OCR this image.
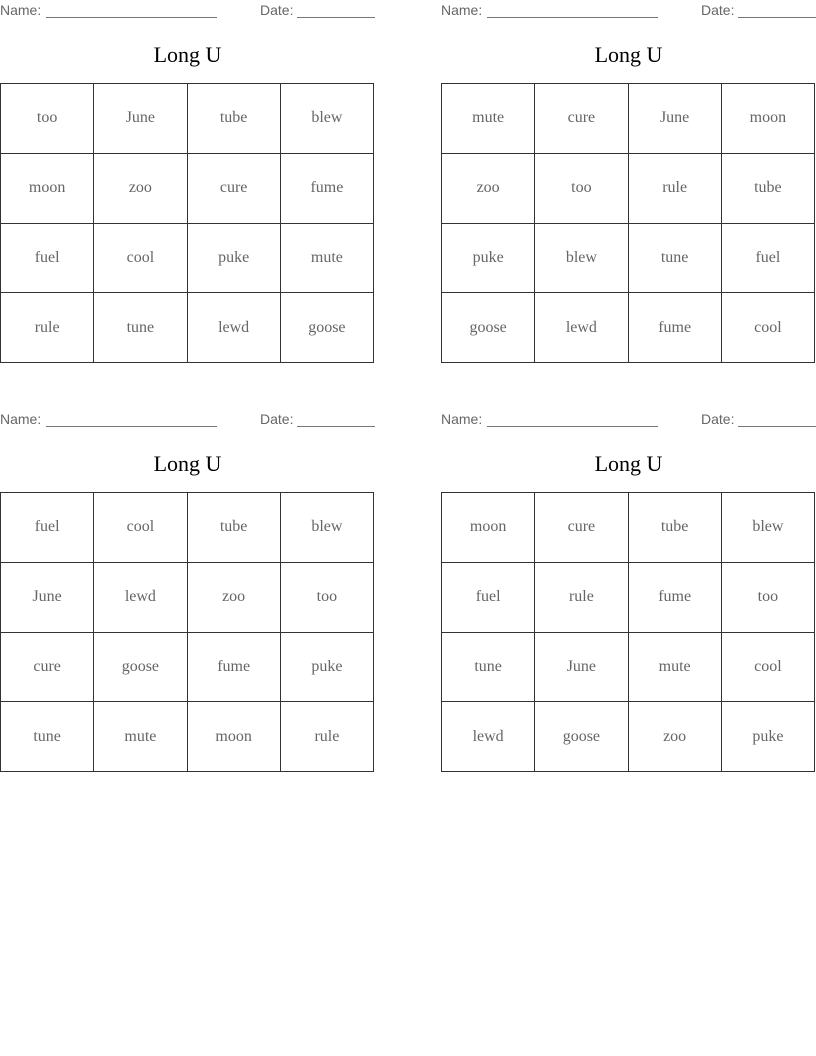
Name:	Date:
Long U
too	June	tube	blew
moon	zoo	cure	fume
fuel	cool	puke	mute
rule	tune	lewd	goose
Name:	Date:
Long U
mute	cure	June	moon
zoo	too	rule	tube
puke	blew	tune	fuel
goose	lewd	fume	cool
Name:	Date:
Long U
fuel	cool	tube	blew
June	lewd	zoo	too
cure	goose	fume	puke
tune	mute	moon	rule
Name:	Date:
Long U
moon	cure	tube	blew
fuel	rule	fume	too
tune	June	mute	cool
lewd	goose	zoo	puke
